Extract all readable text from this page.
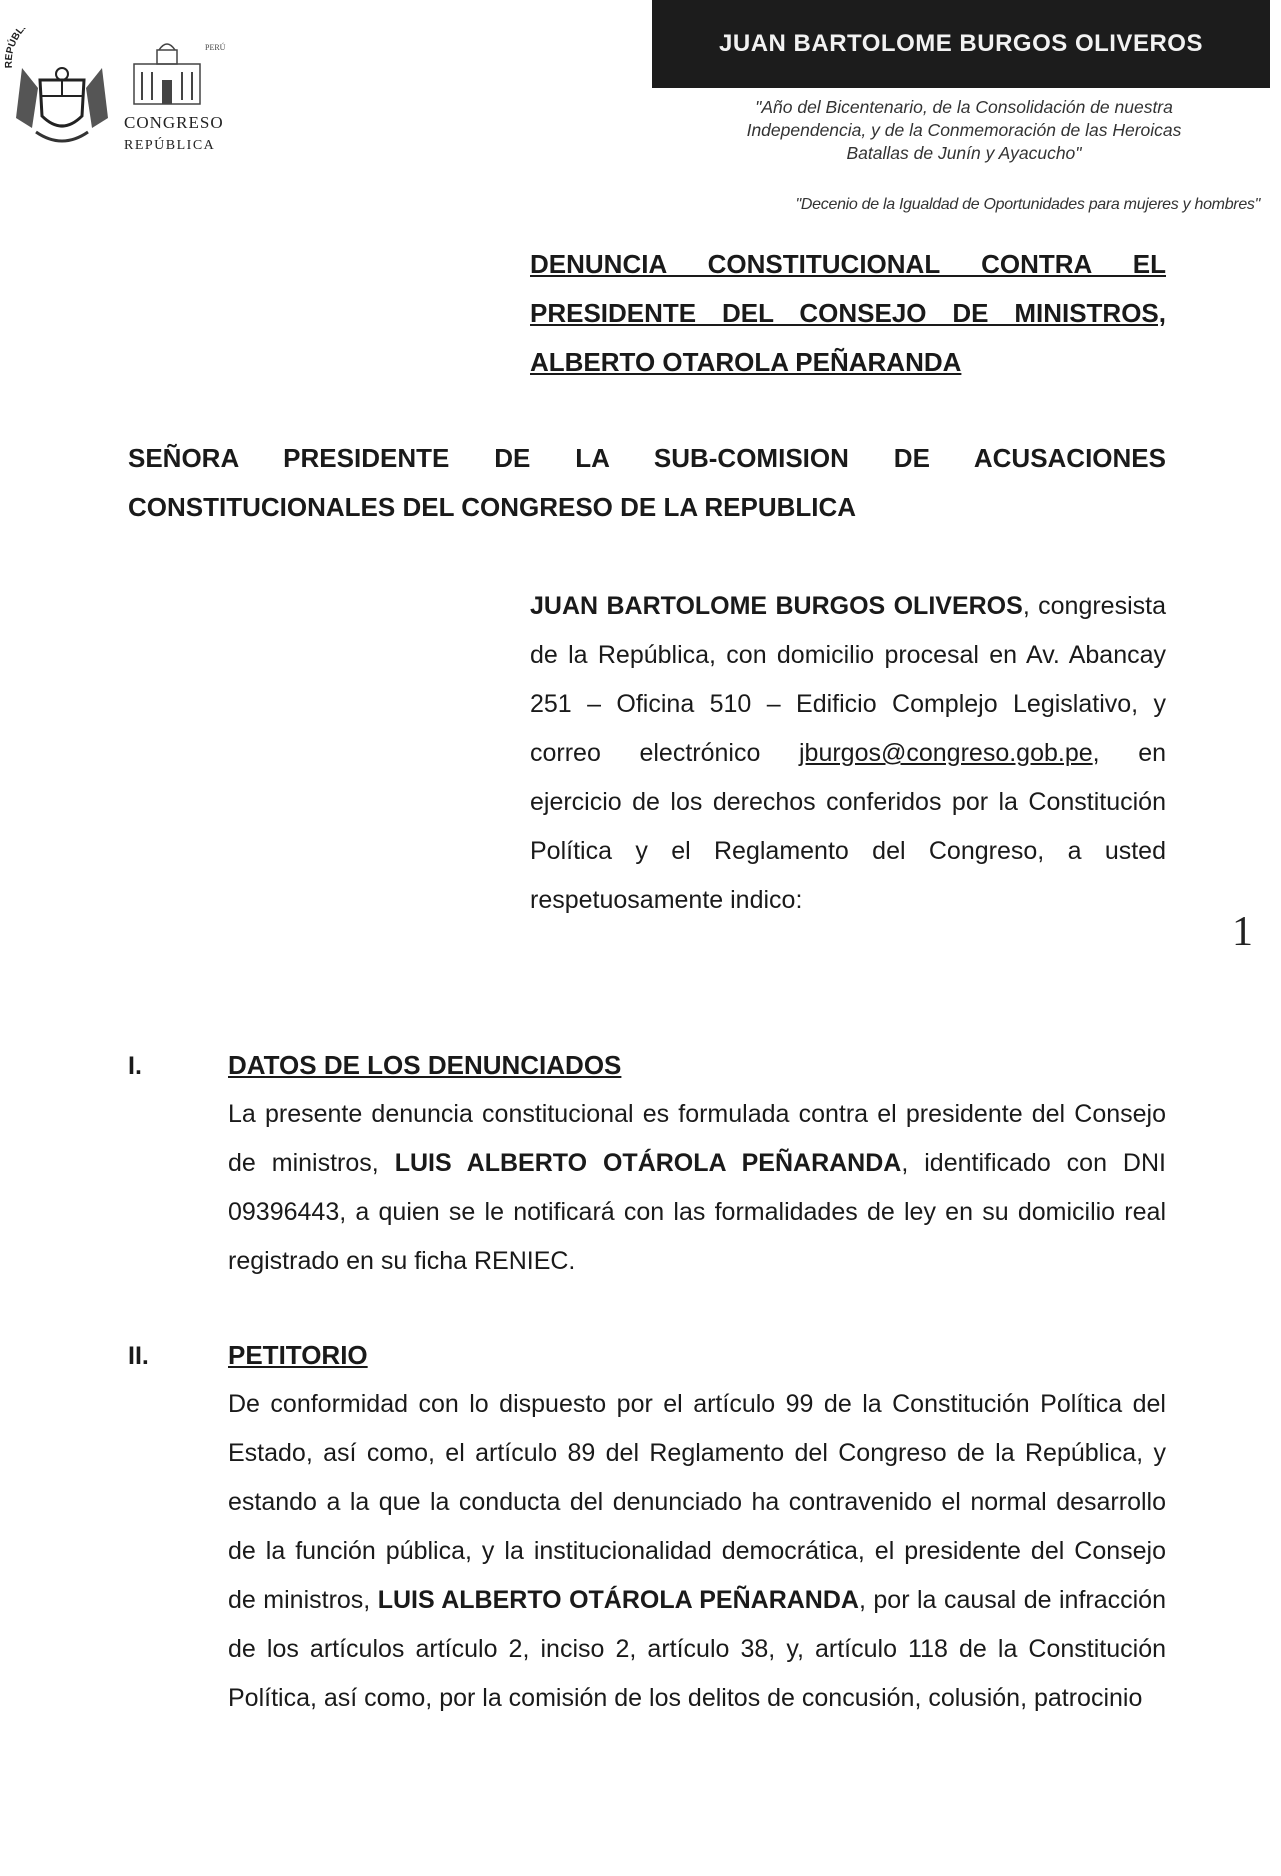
REPÚBL
PERÚ
CONGRESO
REPÚBLICA
JUAN BARTOLOME BURGOS OLIVEROS
"Año del Bicentenario, de la Consolidación de nuestra
Independencia, y de la Conmemoración de las Heroicas
Batallas de Junín y Ayacucho"
"Decenio de la Igualdad de Oportunidades para mujeres y hombres"
DENUNCIA CONSTITUCIONAL CONTRA EL
PRESIDENTE DEL CONSEJO DE MINISTROS,
ALBERTO OTAROLA PEÑARANDA
SEÑORA PRESIDENTE DE LA SUB-COMISION DE ACUSACIONES
CONSTITUCIONALES DEL CONGRESO DE LA REPUBLICA
JUAN BARTOLOME BURGOS OLIVEROS, congresista de la República, con domicilio procesal en Av. Abancay 251 – Oficina 510 – Edificio Complejo Legislativo, y correo electrónico jburgos@congreso.gob.pe, en ejercicio de los derechos conferidos por la Constitución Política y el Reglamento del Congreso, a usted respetuosamente indico:
1
I.	DATOS DE LOS DENUNCIADOS
La presente denuncia constitucional es formulada contra el presidente del Consejo de ministros, LUIS ALBERTO OTÁROLA PEÑARANDA, identificado con DNI 09396443, a quien se le notificará con las formalidades de ley en su domicilio real registrado en su ficha RENIEC.
II.	PETITORIO
De conformidad con lo dispuesto por el artículo 99 de la Constitución Política del Estado, así como, el artículo 89 del Reglamento del Congreso de la República, y estando a la que la conducta del denunciado ha contravenido el normal desarrollo de la función pública, y la institucionalidad democrática, el presidente del Consejo de ministros, LUIS ALBERTO OTÁROLA PEÑARANDA, por la causal de infracción de los artículos artículo 2, inciso 2, artículo 38, y, artículo 118 de la Constitución Política, así como, por la comisión de los delitos de concusión, colusión, patrocinio
